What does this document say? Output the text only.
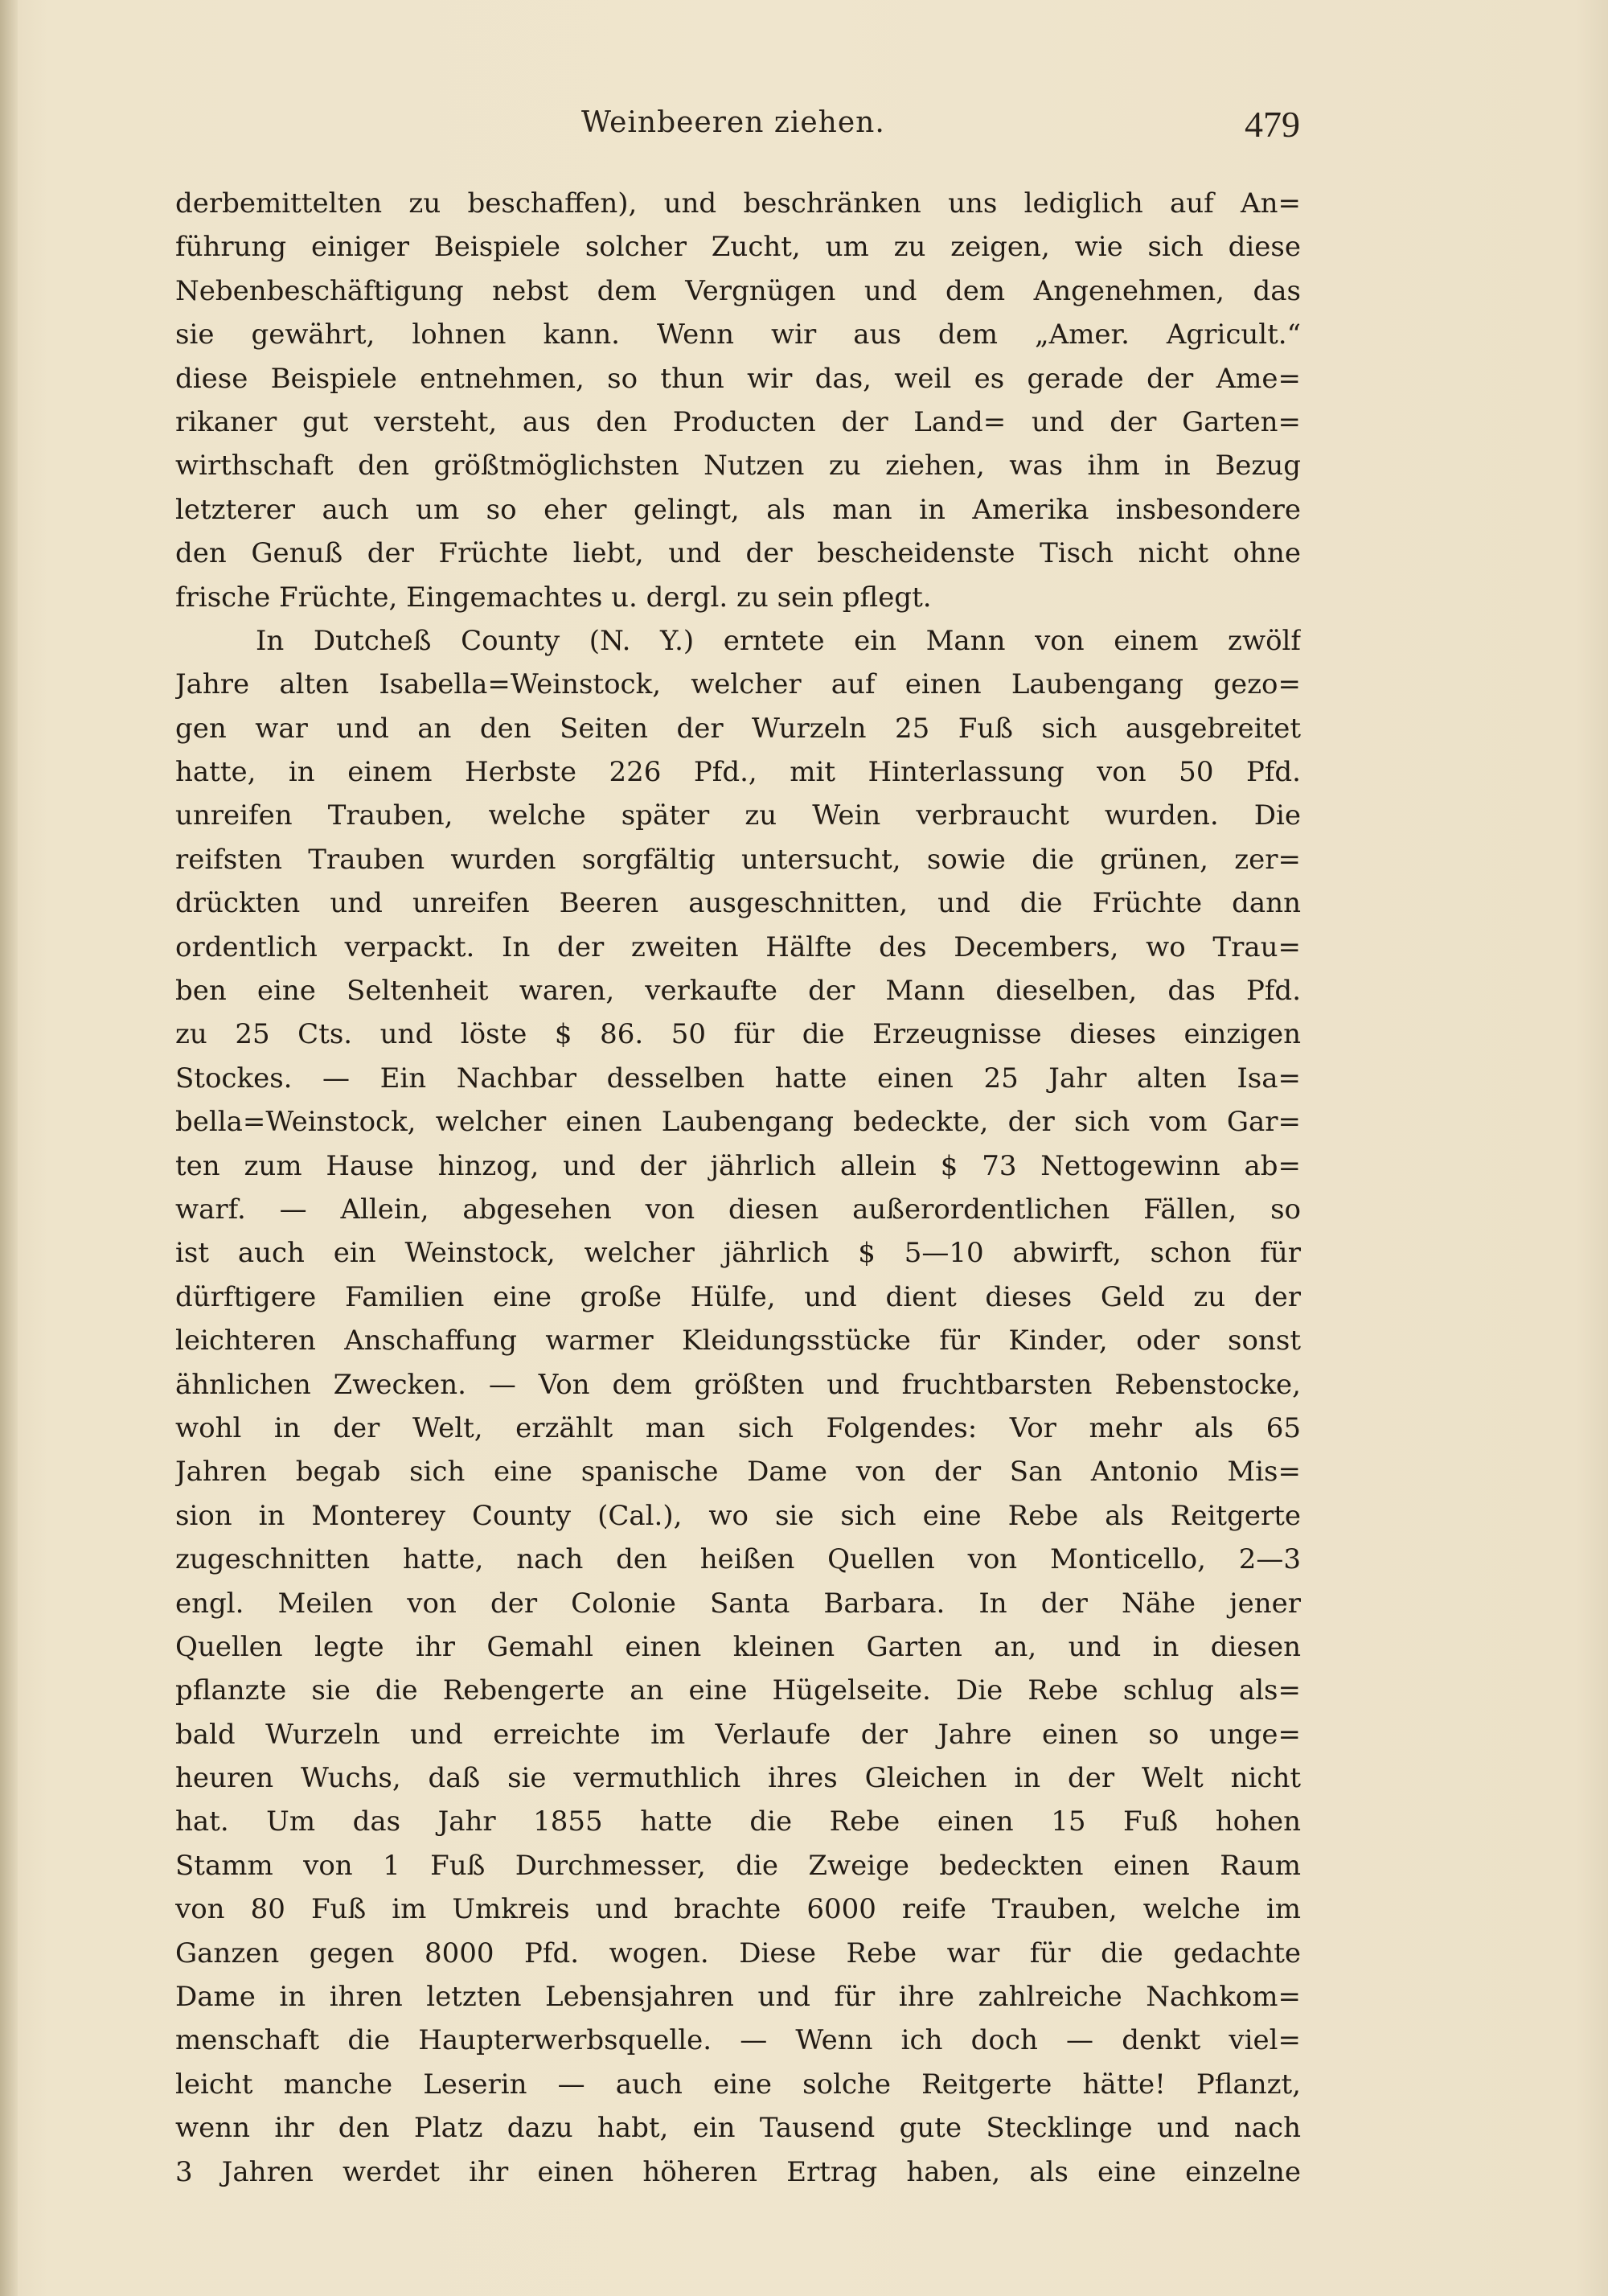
Weinbeeren ziehen.	479
derbemittelten zu beschaffen), und beschränken uns lediglich auf An=
führung einiger Beispiele solcher Zucht, um zu zeigen, wie sich diese
Nebenbeschäftigung nebst dem Vergnügen und dem Angenehmen, das
sie gewährt, lohnen kann. Wenn wir aus dem „Amer. Agricult.“
diese Beispiele entnehmen, so thun wir das, weil es gerade der Ame=
rikaner gut versteht, aus den Producten der Land= und der Garten=
wirthschaft den größtmöglichsten Nutzen zu ziehen, was ihm in Bezug
letzterer auch um so eher gelingt, als man in Amerika insbesondere
den Genuß der Früchte liebt, und der bescheidenste Tisch nicht ohne
frische Früchte, Eingemachtes u. dergl. zu sein pflegt.
In Dutcheß County (N. Y.) erntete ein Mann von einem zwölf
Jahre alten Isabella=Weinstock, welcher auf einen Laubengang gezo=
gen war und an den Seiten der Wurzeln 25 Fuß sich ausgebreitet
hatte, in einem Herbste 226 Pfd., mit Hinterlassung von 50 Pfd.
unreifen Trauben, welche später zu Wein verbraucht wurden. Die
reifsten Trauben wurden sorgfältig untersucht, sowie die grünen, zer=
drückten und unreifen Beeren ausgeschnitten, und die Früchte dann
ordentlich verpackt. In der zweiten Hälfte des Decembers, wo Trau=
ben eine Seltenheit waren, verkaufte der Mann dieselben, das Pfd.
zu 25 Cts. und löste $ 86. 50 für die Erzeugnisse dieses einzigen
Stockes. — Ein Nachbar desselben hatte einen 25 Jahr alten Isa=
bella=Weinstock, welcher einen Laubengang bedeckte, der sich vom Gar=
ten zum Hause hinzog, und der jährlich allein $ 73 Nettogewinn ab=
warf. — Allein, abgesehen von diesen außerordentlichen Fällen, so
ist auch ein Weinstock, welcher jährlich $ 5—10 abwirft, schon für
dürftigere Familien eine große Hülfe, und dient dieses Geld zu der
leichteren Anschaffung warmer Kleidungsstücke für Kinder, oder sonst
ähnlichen Zwecken. — Von dem größten und fruchtbarsten Rebenstocke,
wohl in der Welt, erzählt man sich Folgendes: Vor mehr als 65
Jahren begab sich eine spanische Dame von der San Antonio Mis=
sion in Monterey County (Cal.), wo sie sich eine Rebe als Reitgerte
zugeschnitten hatte, nach den heißen Quellen von Monticello, 2—3
engl. Meilen von der Colonie Santa Barbara. In der Nähe jener
Quellen legte ihr Gemahl einen kleinen Garten an, und in diesen
pflanzte sie die Rebengerte an eine Hügelseite. Die Rebe schlug als=
bald Wurzeln und erreichte im Verlaufe der Jahre einen so unge=
heuren Wuchs, daß sie vermuthlich ihres Gleichen in der Welt nicht
hat. Um das Jahr 1855 hatte die Rebe einen 15 Fuß hohen
Stamm von 1 Fuß Durchmesser, die Zweige bedeckten einen Raum
von 80 Fuß im Umkreis und brachte 6000 reife Trauben, welche im
Ganzen gegen 8000 Pfd. wogen. Diese Rebe war für die gedachte
Dame in ihren letzten Lebensjahren und für ihre zahlreiche Nachkom=
menschaft die Haupterwerbsquelle. — Wenn ich doch — denkt viel=
leicht manche Leserin — auch eine solche Reitgerte hätte! Pflanzt,
wenn ihr den Platz dazu habt, ein Tausend gute Stecklinge und nach
3 Jahren werdet ihr einen höheren Ertrag haben, als eine einzelne
